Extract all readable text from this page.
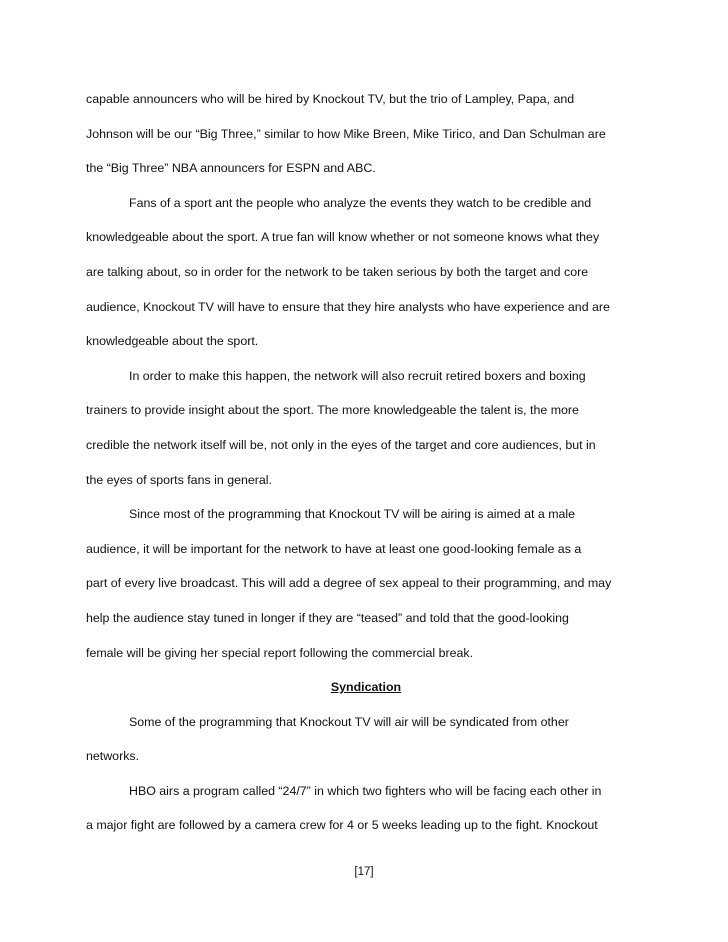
capable announcers who will be hired by Knockout TV, but the trio of Lampley, Papa, and
Johnson will be our “Big Three,” similar to how Mike Breen, Mike Tirico, and Dan Schulman are
the “Big Three” NBA announcers for ESPN and ABC.
Fans of a sport ant the people who analyze the events they watch to be credible and
knowledgeable about the sport. A true fan will know whether or not someone knows what they
are talking about, so in order for the network to be taken serious by both the target and core
audience, Knockout TV will have to ensure that they hire analysts who have experience and are
knowledgeable about the sport.
In order to make this happen, the network will also recruit retired boxers and boxing
trainers to provide insight about the sport. The more knowledgeable the talent is, the more
credible the network itself will be, not only in the eyes of the target and core audiences, but in
the eyes of sports fans in general.
Since most of the programming that Knockout TV will be airing is aimed at a male
audience, it will be important for the network to have at least one good-looking female as a
part of every live broadcast. This will add a degree of sex appeal to their programming, and may
help the audience stay tuned in longer if they are “teased” and told that the good-looking
female will be giving her special report following the commercial break.
Syndication
Some of the programming that Knockout TV will air will be syndicated from other
networks.
HBO airs a program called “24/7” in which two fighters who will be facing each other in
a major fight are followed by a camera crew for 4 or 5 weeks leading up to the fight. Knockout
[17]
